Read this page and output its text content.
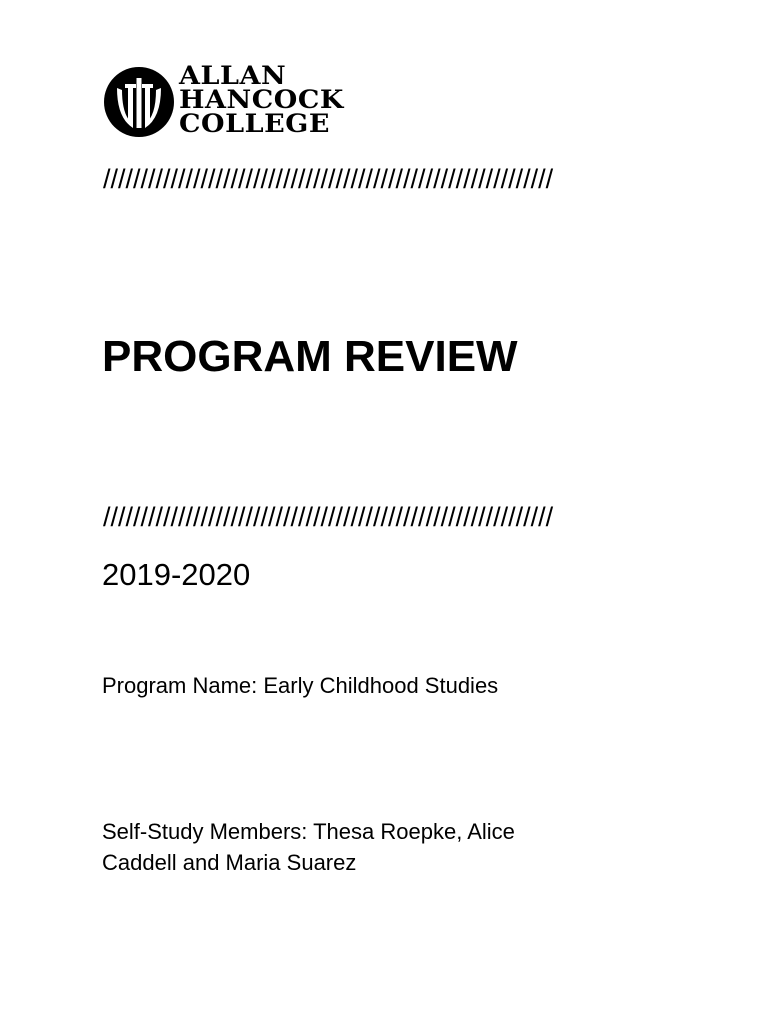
ALLAN
HANCOCK
COLLEGE
////////////////////////////////////////////////////////////
PROGRAM REVIEW
////////////////////////////////////////////////////////////
2019-2020
Program Name: Early Childhood Studies
Self-Study Members: Thesa Roepke, Alice
Caddell and Maria Suarez
